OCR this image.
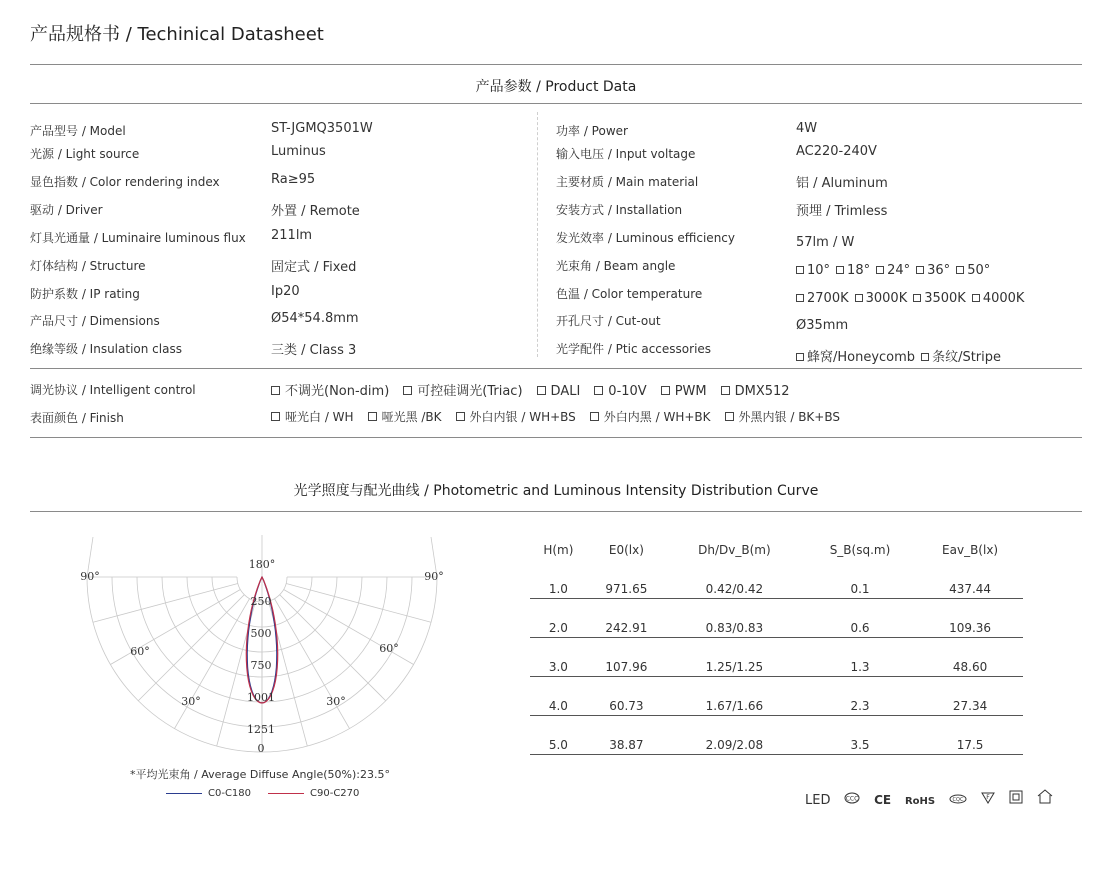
产品规格书 / Techinical Datasheet
产品参数 / Product Data
产品型号 / Model	ST-JGMQ3501W
光源 / Light source	Luminus
显色指数 / Color rendering index	Ra≥95
驱动 / Driver	外置 / Remote
灯具光通量 / Luminaire luminous flux 211lm
灯体结构 / Structure	固定式 / Fixed
防护系数 / IP rating	Ip20
产品尺寸 / Dimensions	Ø54*54.8mm
绝缘等级 / Insulation class	三类 / Class 3
功率 / Power	4W
输入电压 / Input voltage	AC220-240V
主要材质 / Main material	铝 / Aluminum
安装方式 / Installation	预埋 / Trimless
发光效率 / Luminous efficiency	57lm / W
光束角 / Beam angle	10° 18° 24° 36° 50°
色温 / Color temperature	2700K 3000K 3500K 4000K
开孔尺寸 / Cut-out	Ø35mm
光学配件 / Ptic accessories
蜂窝/Honeycomb 条纹/Stripe
调光协议 / Intelligent control	不调光(Non-dim) 可控硅调光(Triac) DALI 0-10V PWM DMX512
表面颜色 / Finish	哑光白 / WH 哑光黑 /BK 外白内银 / WH+BS 外白内黑 / WH+BK 外黑内银 / BK+BS
光学照度与配光曲线 / Photometric and Luminous Intensity Distribution Curve
180°
90°	90°
60°	60°
30°	30°
0
250
500
750
1001
1251
*平均光束角 / Average Diffuse Angle(50%):23.5°
C0-C180	C90-C270
H(m)	E0(lx)	Dh/Dv_B(m)	S_B(sq.m)	Eav_B(lx)
1.0	971.65	0.42/0.42	0.1	437.44
2.0	242.91	0.83/0.83	0.6	109.36
3.0	107.96	1.25/1.25	1.3	48.60
4.0	60.73	1.67/1.66	2.3	27.34
5.0	38.87	2.09/2.08	3.5	17.5
LED	CCC CE RoHS	CQC
	F
